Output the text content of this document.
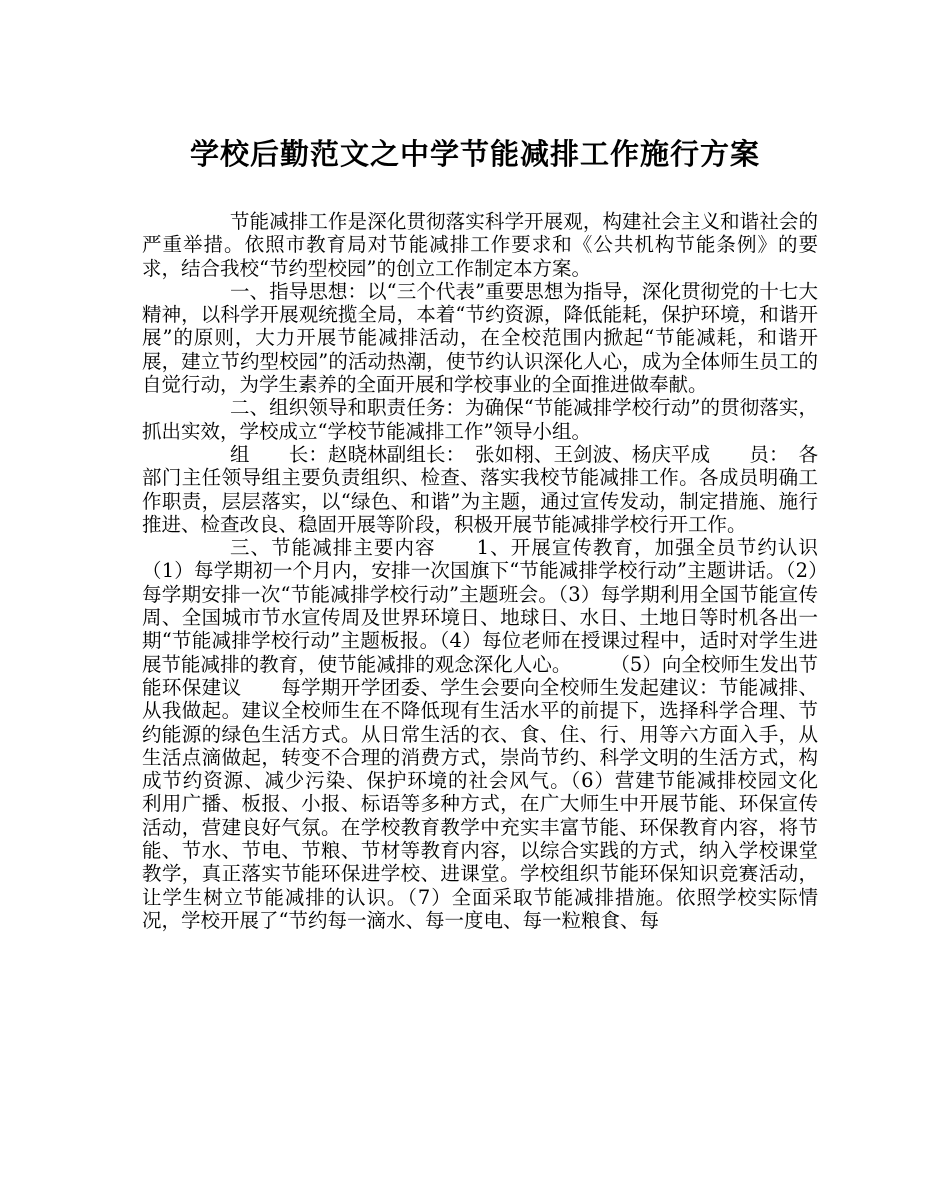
学校后勤范文之中学节能减排工作施行方案

节能减排工作是深化贯彻落实科学开展观，构建社会主义和谐社会的严重举措。依照市教育局对节能减排工作要求和《公共机构节能条例》的要求，结合我校“节约型校园”的创立工作制定本方案。

一、指导思想：以“三个代表”重要思想为指导，深化贯彻党的十七大精神，以科学开展观统揽全局，本着“节约资源，降低能耗，保护环境，和谐开展”的原则，大力开展节能减排活动，在全校范围内掀起“节能减耗，和谐开展，建立节约型校园”的活动热潮，使节约认识深化人心，成为全体师生员工的自觉行动，为学生素养的全面开展和学校事业的全面推进做奉献。

二、组织领导和职责任务：为确保“节能减排学校行动”的贯彻落实，抓出实效，学校成立“学校节能减排工作”领导小组。

组　　长：赵晓林副组长：　张如栩、王剑波、杨庆平成　　员：　各部门主任领导组主要负责组织、检查、落实我校节能减排工作。各成员明确工作职责，层层落实，以“绿色、和谐”为主题，通过宣传发动，制定措施、施行推进、检查改良、稳固开展等阶段，积极开展节能减排学校行开工作。

三、节能减排主要内容　　1、开展宣传教育，加强全员节约认识　　（1）每学期初一个月内，安排一次国旗下“节能减排学校行动”主题讲话。（2）每学期安排一次“节能减排学校行动”主题班会。（3）每学期利用全国节能宣传周、全国城市节水宣传周及世界环境日、地球日、水日、土地日等时机各出一期“节能减排学校行动”主题板报。（4）每位老师在授课过程中，适时对学生进展节能减排的教育，使节能减排的观念深化人心。　　　（5）向全校师生发出节能环保建议　　每学期开学团委、学生会要向全校师生发起建议：节能减排、从我做起。建议全校师生在不降低现有生活水平的前提下，选择科学合理、节约能源的绿色生活方式。从日常生活的衣、食、住、行、用等六方面入手，从生活点滴做起，转变不合理的消费方式，崇尚节约、科学文明的生活方式，构成节约资源、减少污染、保护环境的社会风气。（6）营建节能减排校园文化　　利用广播、板报、小报、标语等多种方式，在广大师生中开展节能、环保宣传活动，营建良好气氛。在学校教育教学中充实丰富节能、环保教育内容，将节能、节水、节电、节粮、节材等教育内容，以综合实践的方式，纳入学校课堂教学，真正落实节能环保进学校、进课堂。学校组织节能环保知识竞赛活动，让学生树立节能减排的认识。（7）全面采取节能减排措施。依照学校实际情况，学校开展了“节约每一滴水、每一度电、每一粒粮食、每
